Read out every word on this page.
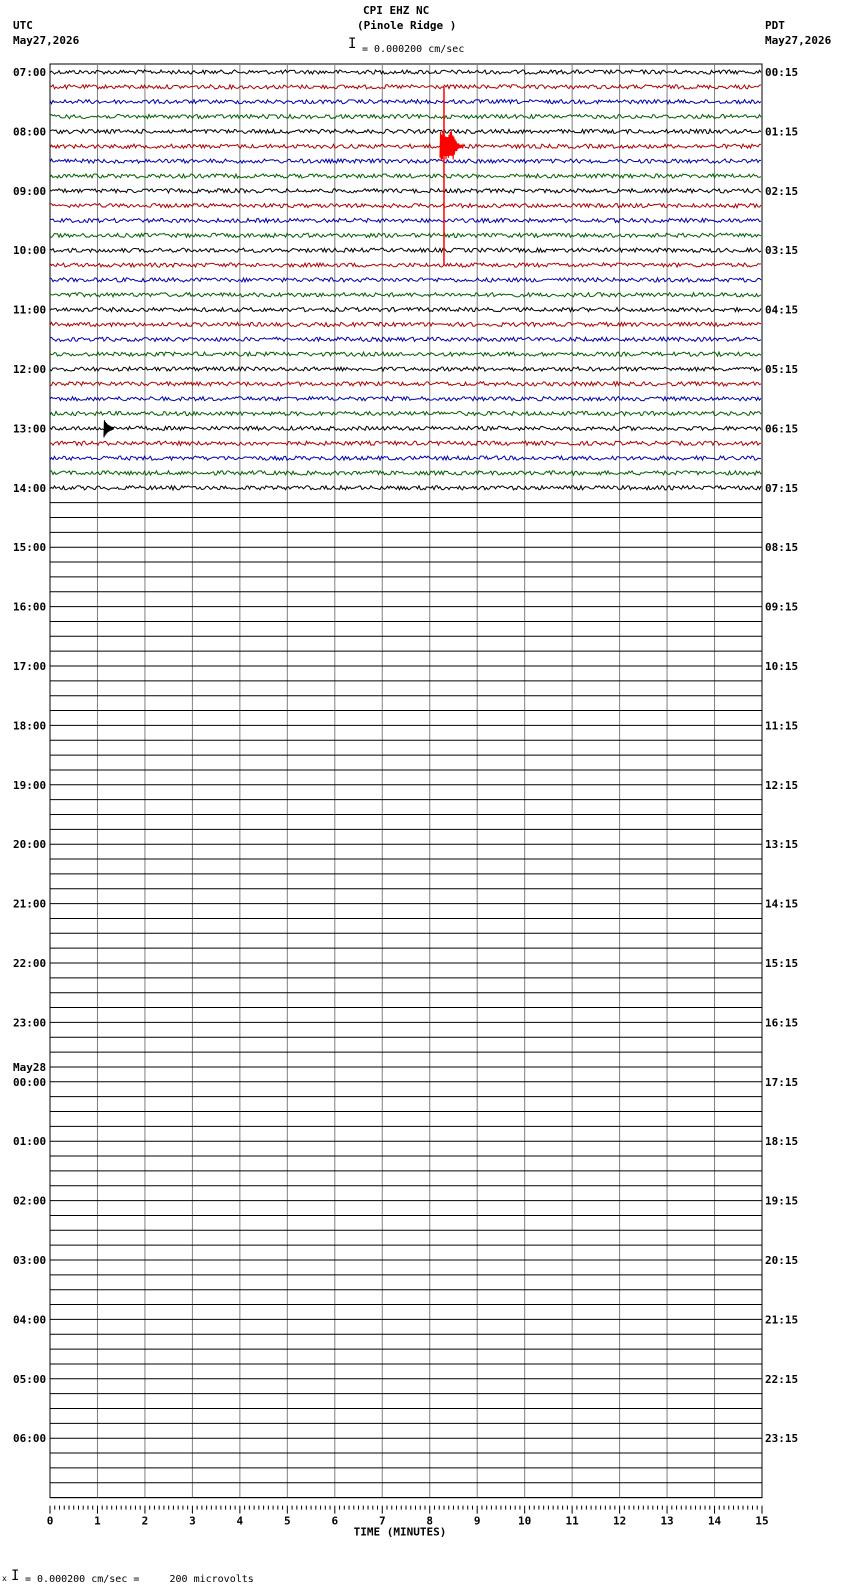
CPI EHZ NC
(Pinole Ridge )
I = 0.000200 cm/sec
UTC
May27,2026
PDT
May27,2026
07:00
08:00
09:00
10:00
11:00
12:00
13:00
14:00
15:00
16:00
17:00
18:00
19:00
20:00
21:00
22:00
23:00
00:00
01:00
02:00
03:00
04:00
05:00
06:00
May28
00:15
01:15
02:15
03:15
04:15
05:15
06:15
07:15
08:15
09:15
10:15
11:15
12:15
13:15
14:15
15:15
16:15
17:15
18:15
19:15
20:15
21:15
22:15
23:15
0	1	2	3	4	5	6	7	8	9	10	11	12	13	14	15
TIME (MINUTES)
x I = 0.000200 cm/sec =     200 microvolts
